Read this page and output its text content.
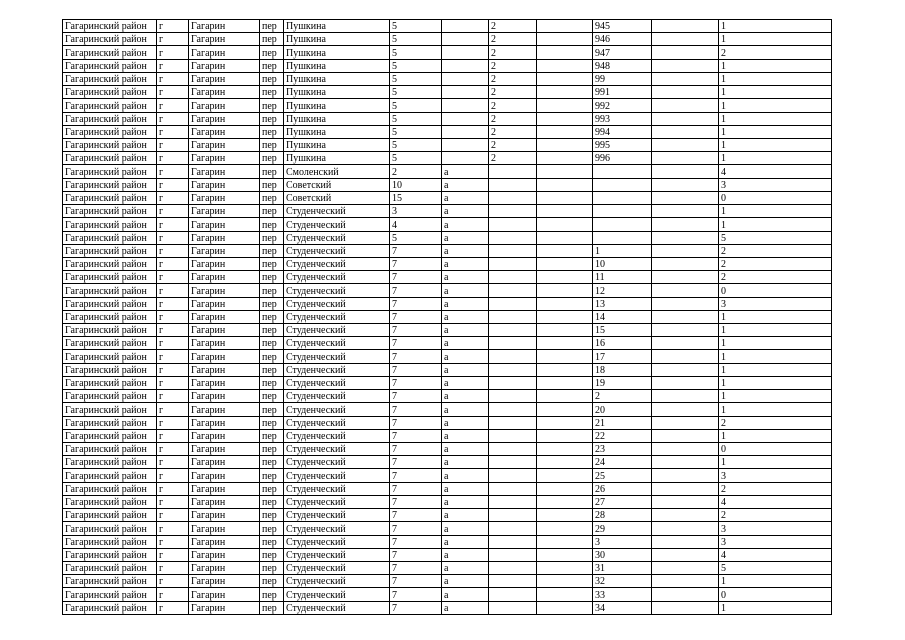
Гагаринский район	г	Гагарин	пер	Пушкина	5		2		945		1
Гагаринский район	г	Гагарин	пер	Пушкина	5		2		946		1
Гагаринский район	г	Гагарин	пер	Пушкина	5		2		947		2
Гагаринский район	г	Гагарин	пер	Пушкина	5		2		948		1
Гагаринский район	г	Гагарин	пер	Пушкина	5		2		99		1
Гагаринский район	г	Гагарин	пер	Пушкина	5		2		991		1
Гагаринский район	г	Гагарин	пер	Пушкина	5		2		992		1
Гагаринский район	г	Гагарин	пер	Пушкина	5		2		993		1
Гагаринский район	г	Гагарин	пер	Пушкина	5		2		994		1
Гагаринский район	г	Гагарин	пер	Пушкина	5		2		995		1
Гагаринский район	г	Гагарин	пер	Пушкина	5		2		996		1
Гагаринский район	г	Гагарин	пер	Смоленский	2	а					4
Гагаринский район	г	Гагарин	пер	Советский	10	а					3
Гагаринский район	г	Гагарин	пер	Советский	15	а					0
Гагаринский район	г	Гагарин	пер	Студенческий	3	а					1
Гагаринский район	г	Гагарин	пер	Студенческий	4	а					1
Гагаринский район	г	Гагарин	пер	Студенческий	5	а					5
Гагаринский район	г	Гагарин	пер	Студенческий	7	а			1		2
Гагаринский район	г	Гагарин	пер	Студенческий	7	а			10		2
Гагаринский район	г	Гагарин	пер	Студенческий	7	а			11		2
Гагаринский район	г	Гагарин	пер	Студенческий	7	а			12		0
Гагаринский район	г	Гагарин	пер	Студенческий	7	а			13		3
Гагаринский район	г	Гагарин	пер	Студенческий	7	а			14		1
Гагаринский район	г	Гагарин	пер	Студенческий	7	а			15		1
Гагаринский район	г	Гагарин	пер	Студенческий	7	а			16		1
Гагаринский район	г	Гагарин	пер	Студенческий	7	а			17		1
Гагаринский район	г	Гагарин	пер	Студенческий	7	а			18		1
Гагаринский район	г	Гагарин	пер	Студенческий	7	а			19		1
Гагаринский район	г	Гагарин	пер	Студенческий	7	а			2		1
Гагаринский район	г	Гагарин	пер	Студенческий	7	а			20		1
Гагаринский район	г	Гагарин	пер	Студенческий	7	а			21		2
Гагаринский район	г	Гагарин	пер	Студенческий	7	а			22		1
Гагаринский район	г	Гагарин	пер	Студенческий	7	а			23		0
Гагаринский район	г	Гагарин	пер	Студенческий	7	а			24		1
Гагаринский район	г	Гагарин	пер	Студенческий	7	а			25		3
Гагаринский район	г	Гагарин	пер	Студенческий	7	а			26		2
Гагаринский район	г	Гагарин	пер	Студенческий	7	а			27		4
Гагаринский район	г	Гагарин	пер	Студенческий	7	а			28		2
Гагаринский район	г	Гагарин	пер	Студенческий	7	а			29		3
Гагаринский район	г	Гагарин	пер	Студенческий	7	а			3		3
Гагаринский район	г	Гагарин	пер	Студенческий	7	а			30		4
Гагаринский район	г	Гагарин	пер	Студенческий	7	а			31		5
Гагаринский район	г	Гагарин	пер	Студенческий	7	а			32		1
Гагаринский район	г	Гагарин	пер	Студенческий	7	а			33		0
Гагаринский район	г	Гагарин	пер	Студенческий	7	а			34		1
